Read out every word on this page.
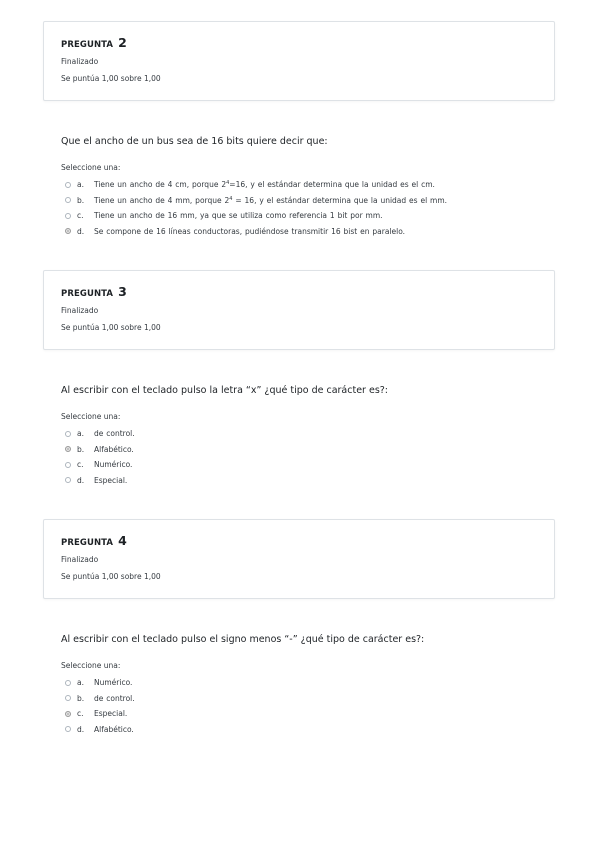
PREGUNTA 2
Finalizado
Se puntúa 1,00 sobre 1,00
Que el ancho de un bus sea de 16 bits quiere decir que:
Seleccione una:
a.	Tiene un ancho de 4 cm, porque $2^4=16$, y el estándar determina que la unidad es el cm.
b.	Tiene un ancho de 4 mm, porque $2^4 = 16$, y el estándar determina que la unidad es el mm.
c.	Tiene un ancho de 16 mm, ya que se utiliza como referencia 1 bit por mm.
d.	Se compone de 16 líneas conductoras, pudiéndose transmitir 16 bist en paralelo.
PREGUNTA 3
Finalizado
Se puntúa 1,00 sobre 1,00
Al escribir con el teclado pulso la letra “x” ¿qué tipo de carácter es?:
Seleccione una:
a.	de control.
b.	Alfabético.
c.	Numérico.
d.	Especial.
PREGUNTA 4
Finalizado
Se puntúa 1,00 sobre 1,00
Al escribir con el teclado pulso el signo menos “-” ¿qué tipo de carácter es?:
Seleccione una:
a.	Numérico.
b.	de control.
c.	Especial.
d.	Alfabético.
